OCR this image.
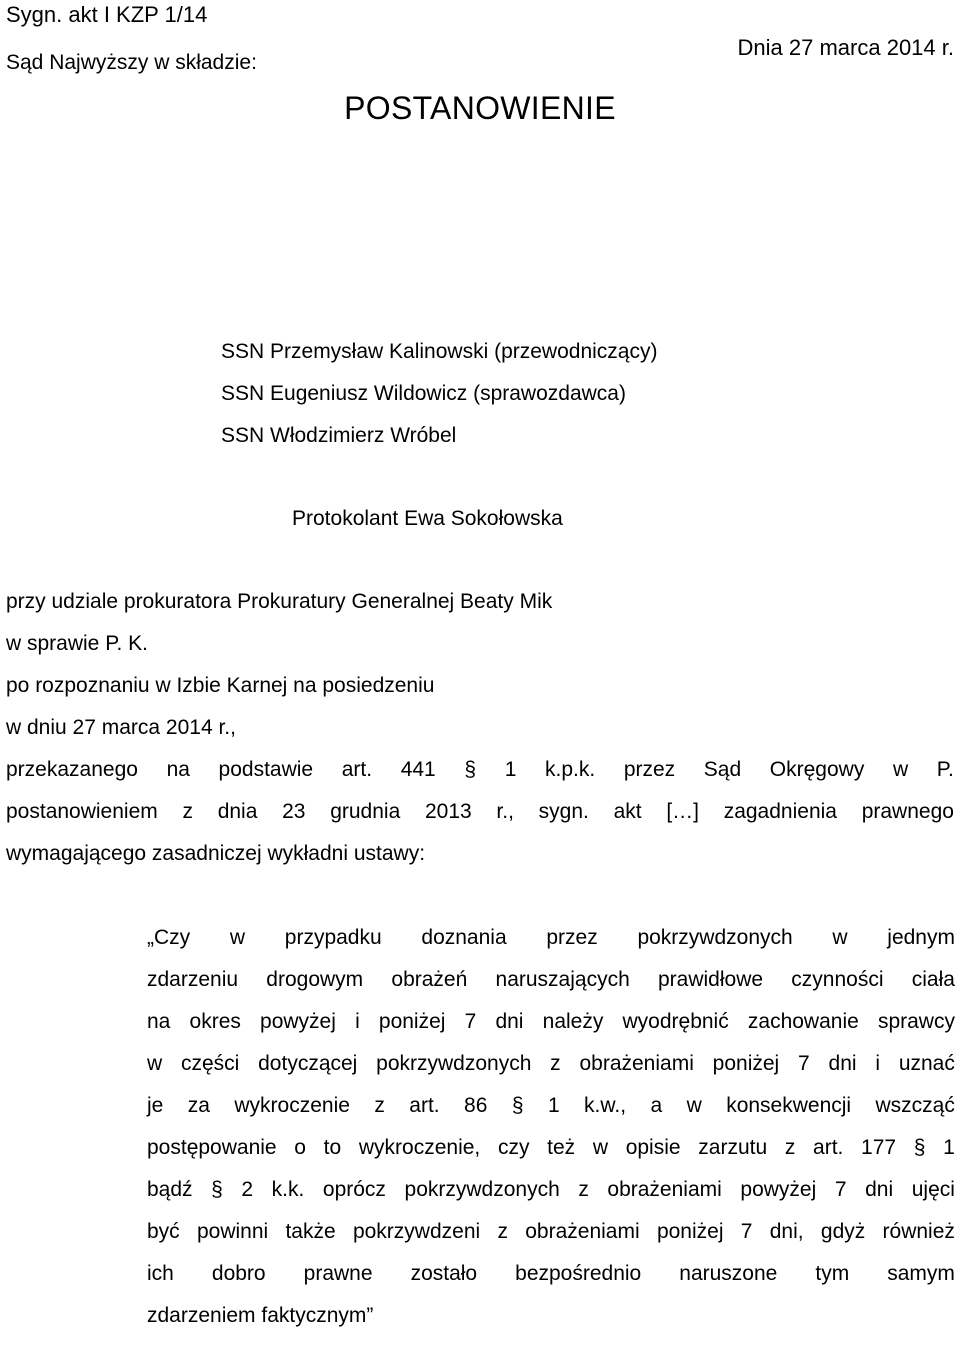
Sygn. akt I KZP 1/14
POSTANOWIENIE
Dnia 27 marca 2014 r.
Sąd Najwyższy w składzie:
SSN Przemysław Kalinowski (przewodniczący)
SSN Eugeniusz Wildowicz (sprawozdawca)
SSN Włodzimierz Wróbel
Protokolant Ewa Sokołowska
przy udziale prokuratora Prokuratury Generalnej Beaty Mik
w sprawie P. K.
po rozpoznaniu w Izbie Karnej na posiedzeniu
w dniu 27 marca 2014 r.,
przekazanego na podstawie art. 441 § 1 k.p.k. przez Sąd Okręgowy w P.
postanowieniem z dnia 23 grudnia 2013 r., sygn. akt […] zagadnienia prawnego
wymagającego zasadniczej wykładni ustawy:
„Czy w przypadku doznania przez pokrzywdzonych w jednym
zdarzeniu drogowym obrażeń naruszających prawidłowe czynności ciała
na okres powyżej i poniżej 7 dni należy wyodrębnić zachowanie sprawcy
w części dotyczącej pokrzywdzonych z obrażeniami poniżej 7 dni i uznać
je za wykroczenie z art. 86 § 1 k.w., a w konsekwencji wszcząć
postępowanie o to wykroczenie, czy też w opisie zarzutu z art. 177 § 1
bądź § 2 k.k. oprócz pokrzywdzonych z obrażeniami powyżej 7 dni ujęci
być powinni także pokrzywdzeni z obrażeniami poniżej 7 dni, gdyż również
ich dobro prawne zostało bezpośrednio naruszone tym samym
zdarzeniem faktycznym”
